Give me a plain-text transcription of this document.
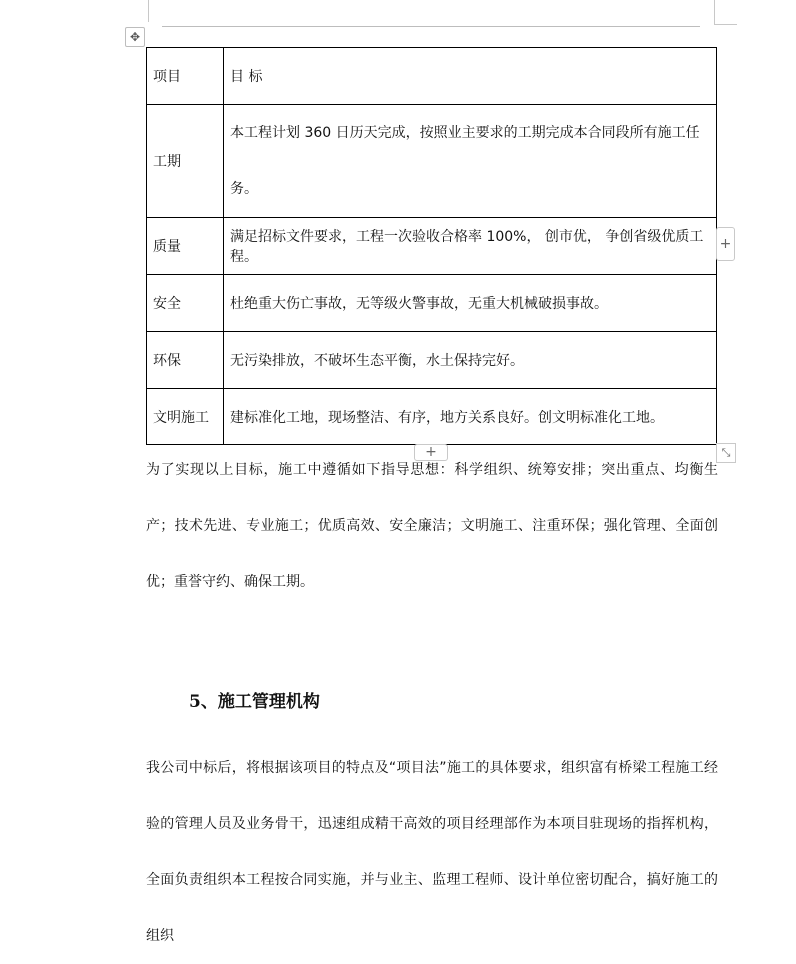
✥
项目	目 标
工期	本工程计划 360 日历天完成，按照业主要求的工期完成本合同段所有施工任务。
质量	满足招标文件要求，工程一次验收合格率 100%， 创市优， 争创省级优质工程。
安全	杜绝重大伤亡事故，无等级火警事故，无重大机械破损事故。
环保	无污染排放，不破坏生态平衡，水土保持完好。
文明施工	建标准化工地，现场整洁、有序，地方关系良好。创文明标准化工地。
+
+	⤡

为了实现以上目标，施工中遵循如下指导思想：科学组织、统筹安排；突出重点、均衡生产；技术先进、专业施工；优质高效、安全廉洁；文明施工、注重环保；强化管理、全面创优；重誉守约、确保工期。

5、施工管理机构

我公司中标后，将根据该项目的特点及“项目法”施工的具体要求，组织富有桥梁工程施工经验的管理人员及业务骨干，迅速组成精干高效的项目经理部作为本项目驻现场的指挥机构，全面负责组织本工程按合同实施，并与业主、监理工程师、设计单位密切配合，搞好施工的组织
